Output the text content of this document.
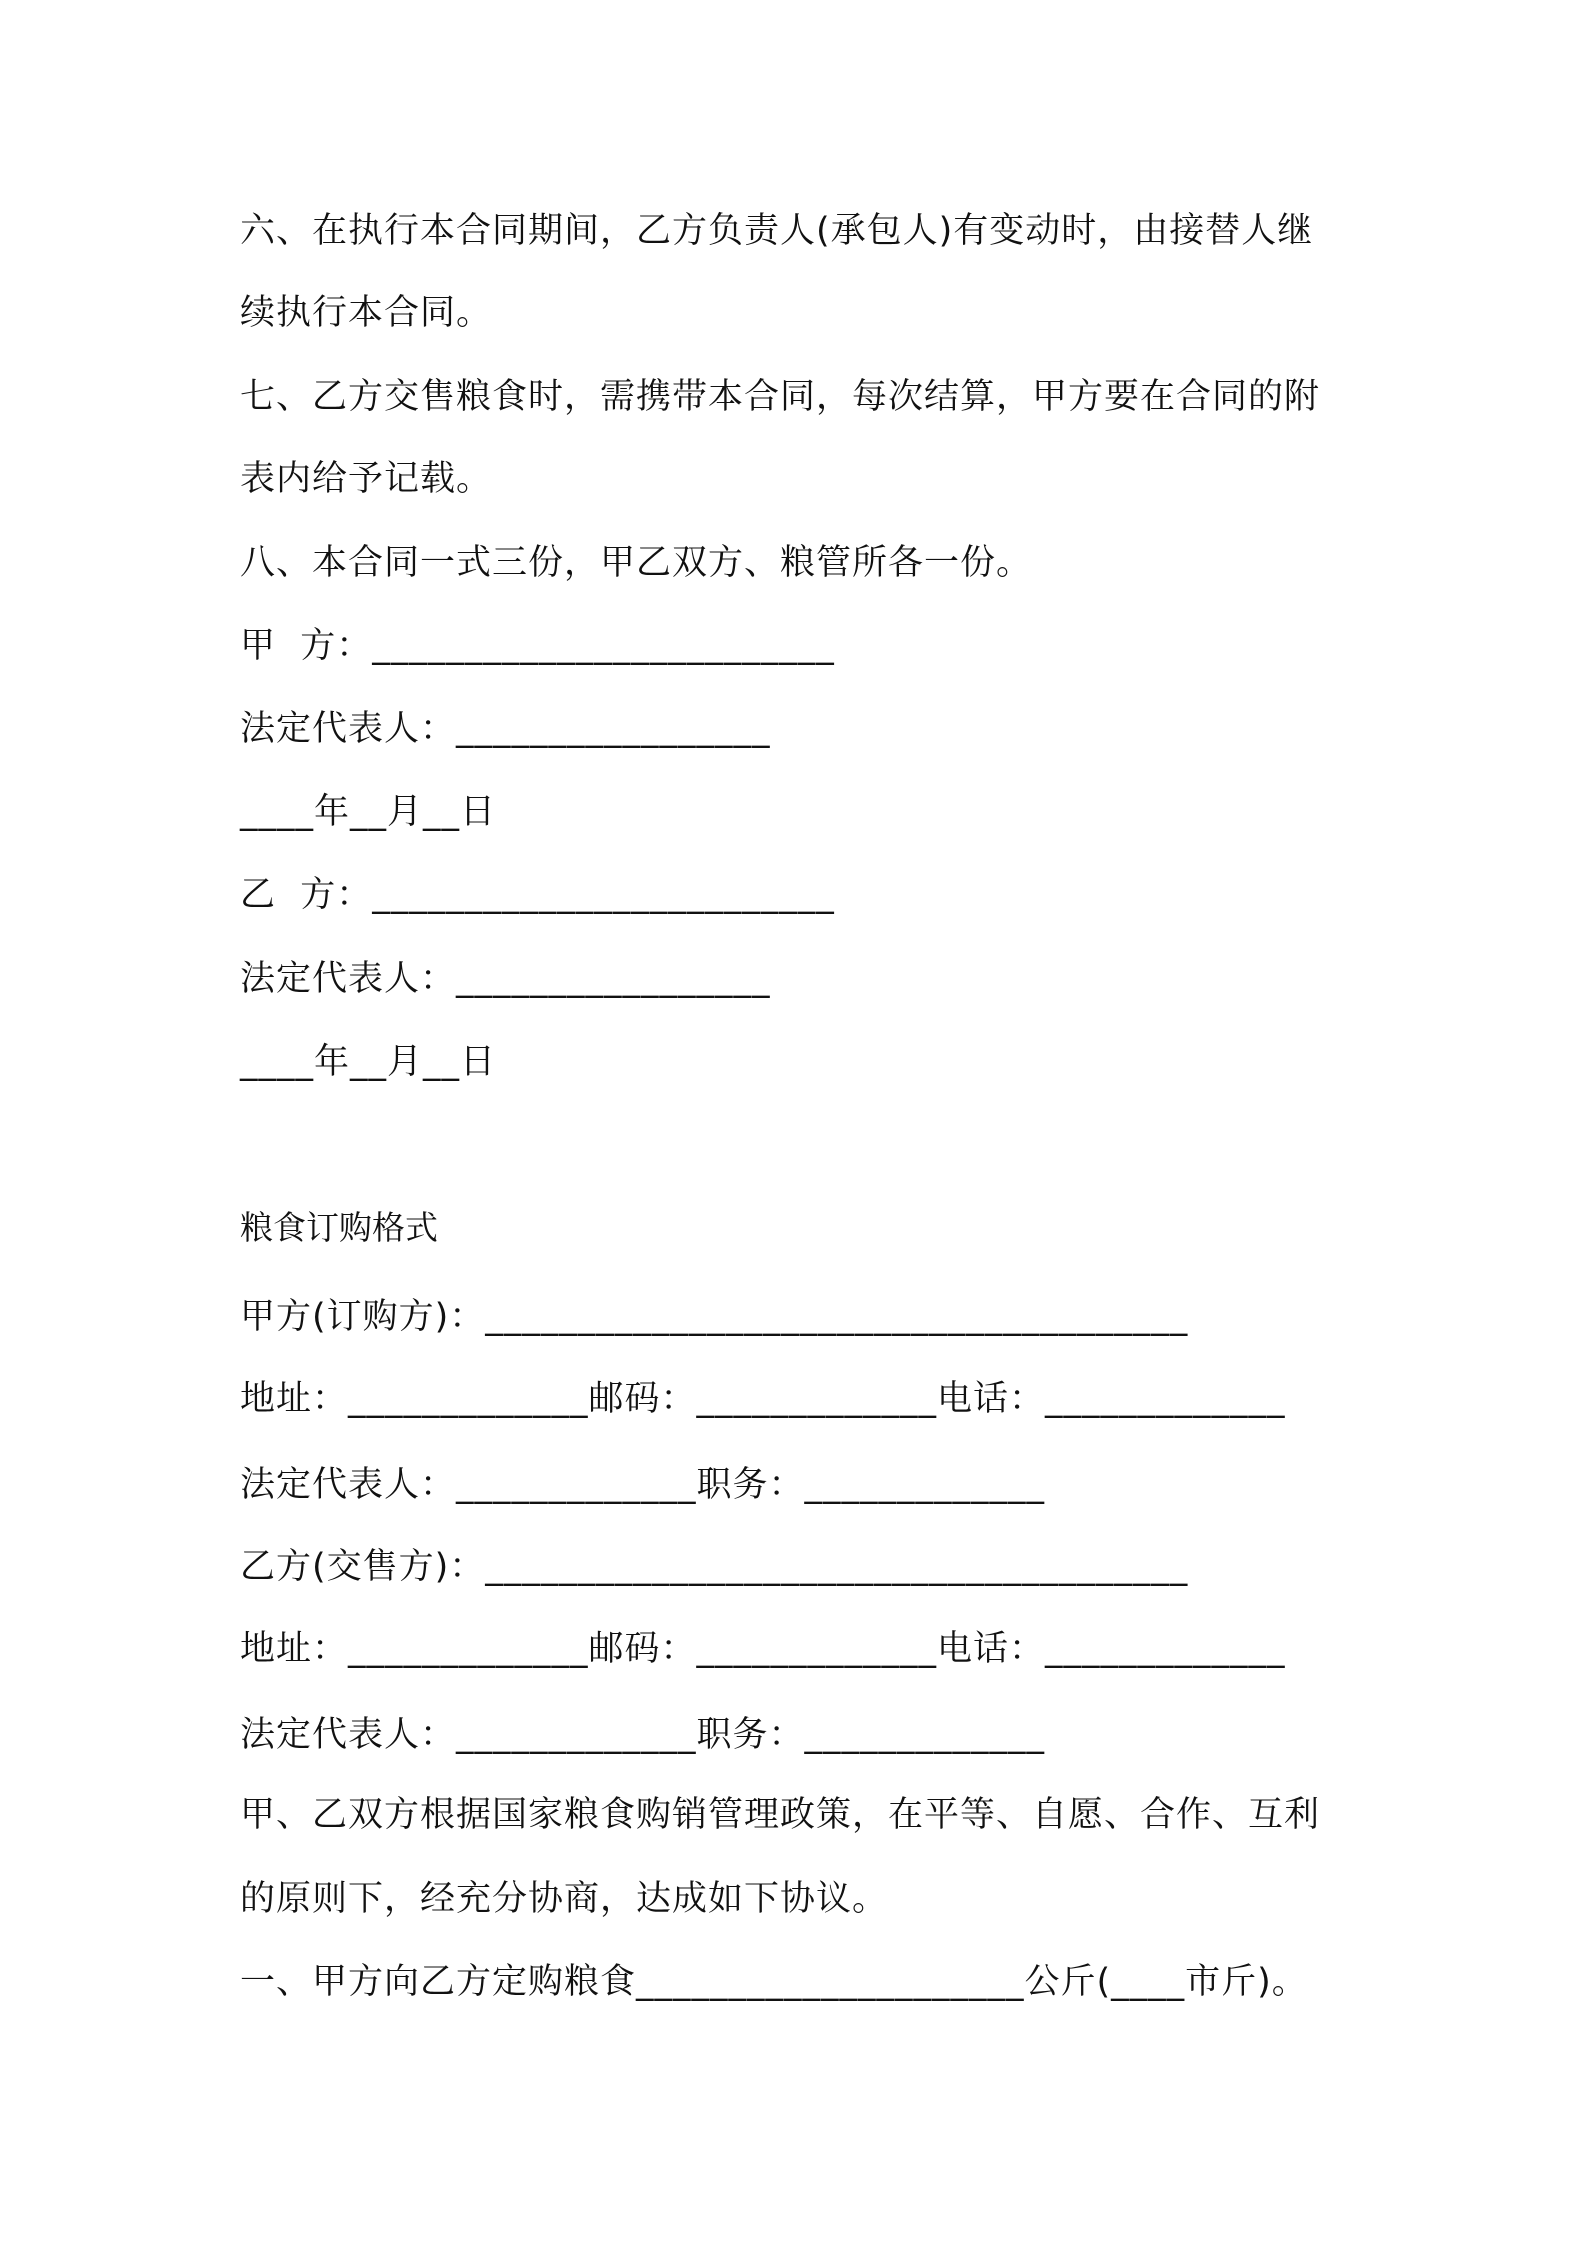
六、在执行本合同期间，乙方负责人(承包人)有变动时，由接替人继
续执行本合同。
七、乙方交售粮食时，需携带本合同，每次结算，甲方要在合同的附
表内给予记载。
八、本合同一式三份，甲乙双方、粮管所各一份。
甲  方：_________________________
法定代表人：_________________
____年__月__日
乙  方：_________________________
法定代表人：_________________
____年__月__日
粮食订购格式
甲方(订购方)：______________________________________
地址：_____________邮码：_____________电话：_____________
法定代表人：_____________职务：_____________
乙方(交售方)：______________________________________
地址：_____________邮码：_____________电话：_____________
法定代表人：_____________职务：_____________
甲、乙双方根据国家粮食购销管理政策，在平等、自愿、合作、互利
的原则下，经充分协商，达成如下协议。
一、甲方向乙方定购粮食_____________________公斤(____市斤)。
